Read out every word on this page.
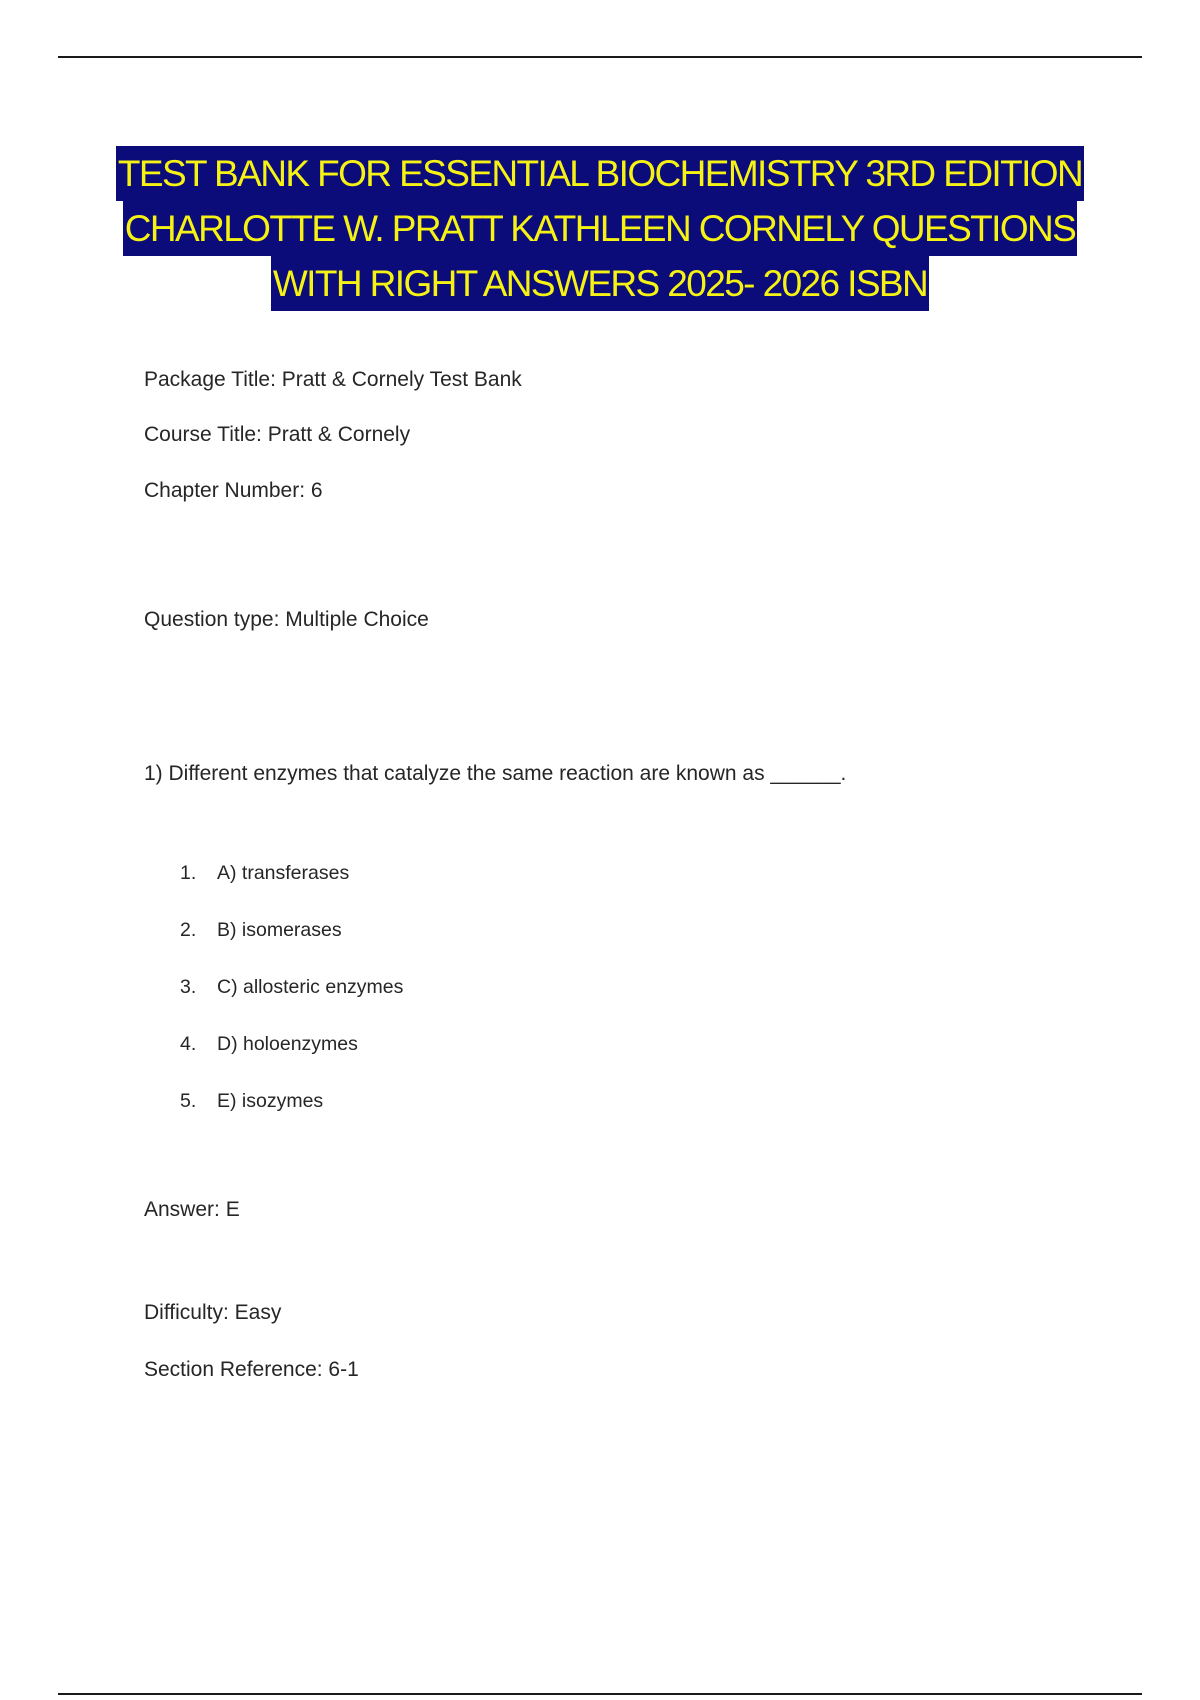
TEST BANK FOR ESSENTIAL BIOCHEMISTRY 3RD EDITION
CHARLOTTE W. PRATT KATHLEEN CORNELY QUESTIONS
WITH RIGHT ANSWERS 2025- 2026 ISBN
Package Title: Pratt & Cornely Test Bank
Course Title: Pratt & Cornely
Chapter Number: 6
Question type: Multiple Choice
1) Different enzymes that catalyze the same reaction are known as ______.
1.	A) transferases
2.	B) isomerases
3.	C) allosteric enzymes
4.	D) holoenzymes
5.	E) isozymes
Answer: E
Difficulty: Easy
Section Reference: 6-1
